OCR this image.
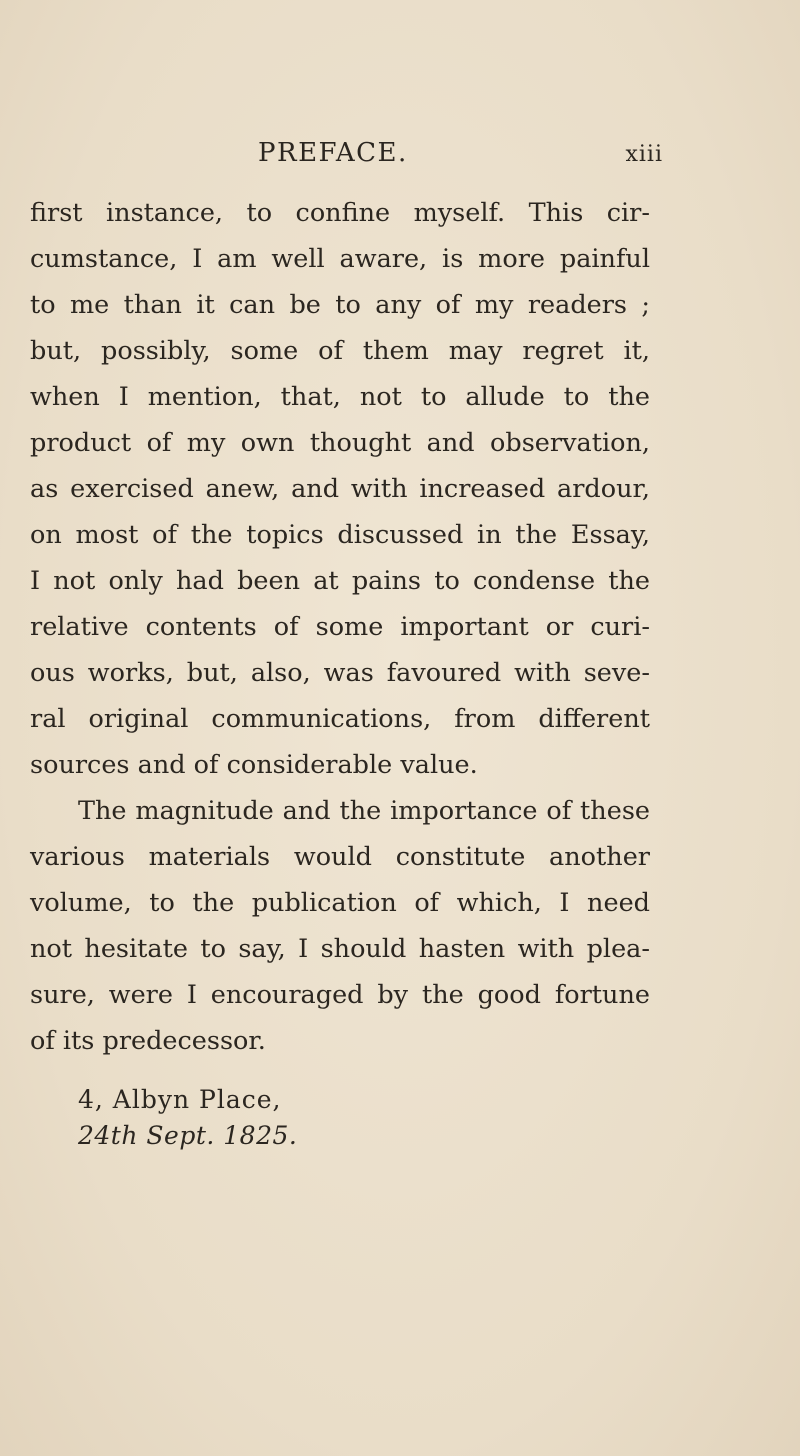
PREFACE.	xiii
first instance, to confine myself. This cir-
cumstance, I am well aware, is more painful
to me than it can be to any of my readers ;
but, possibly, some of them may regret it,
when I mention, that, not to allude to the
product of my own thought and observation,
as exercised anew, and with increased ardour,
on most of the topics discussed in the Essay,
I not only had been at pains to condense the
relative contents of some important or curi-
ous works, but, also, was favoured with seve-
ral original communications, from different
sources and of considerable value.
The magnitude and the importance of these
various materials would constitute another
volume, to the publication of which, I need
not hesitate to say, I should hasten with plea-
sure, were I encouraged by the good fortune
of its predecessor.
4, Albyn Place,
24th Sept. 1825.
